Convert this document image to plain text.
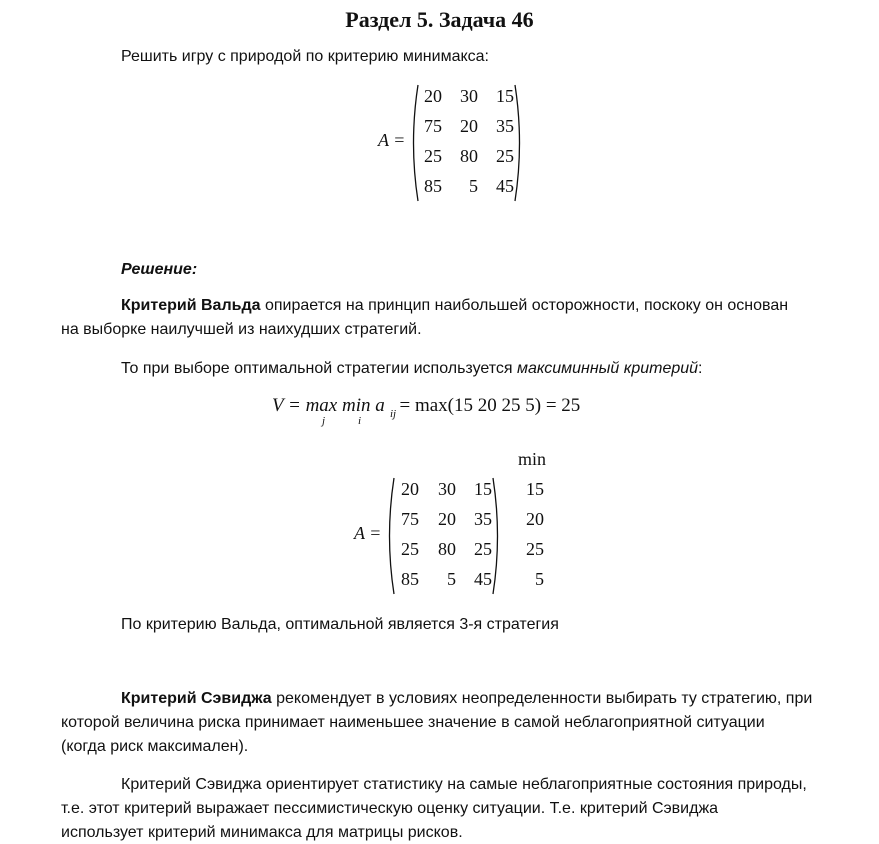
Раздел 5. Задача 46
Решить игру с природой по критерию минимакса:
A =
20	30	15
75	20	35
25	80	25
85	5	45
Решение:
Критерий Вальда опирается на принцип наибольшей осторожности, поскоку он основан
на выборке наилучшей из наихудших стратегий.
То при выборе оптимальной стратегии используется максиминный критерий:
V = max min a
j	i
ij = max(15 20 25 5) = 25
min
A =
20	30	15	15
75	20	35	20
25	80	25	25
85	5	45	5
По критерию Вальда, оптимальной является 3-я стратегия
Критерий Сэвиджа рекомендует в условиях неопределенности выбирать ту стратегию, при
которой величина риска принимает наименьшее значение в самой неблагоприятной ситуации
(когда риск максимален).
Критерий Сэвиджа ориентирует статистику на самые неблагоприятные состояния природы,
т.е. этот критерий выражает пессимистическую оценку ситуации. Т.е. критерий Сэвиджа
использует критерий минимакса для матрицы рисков.
